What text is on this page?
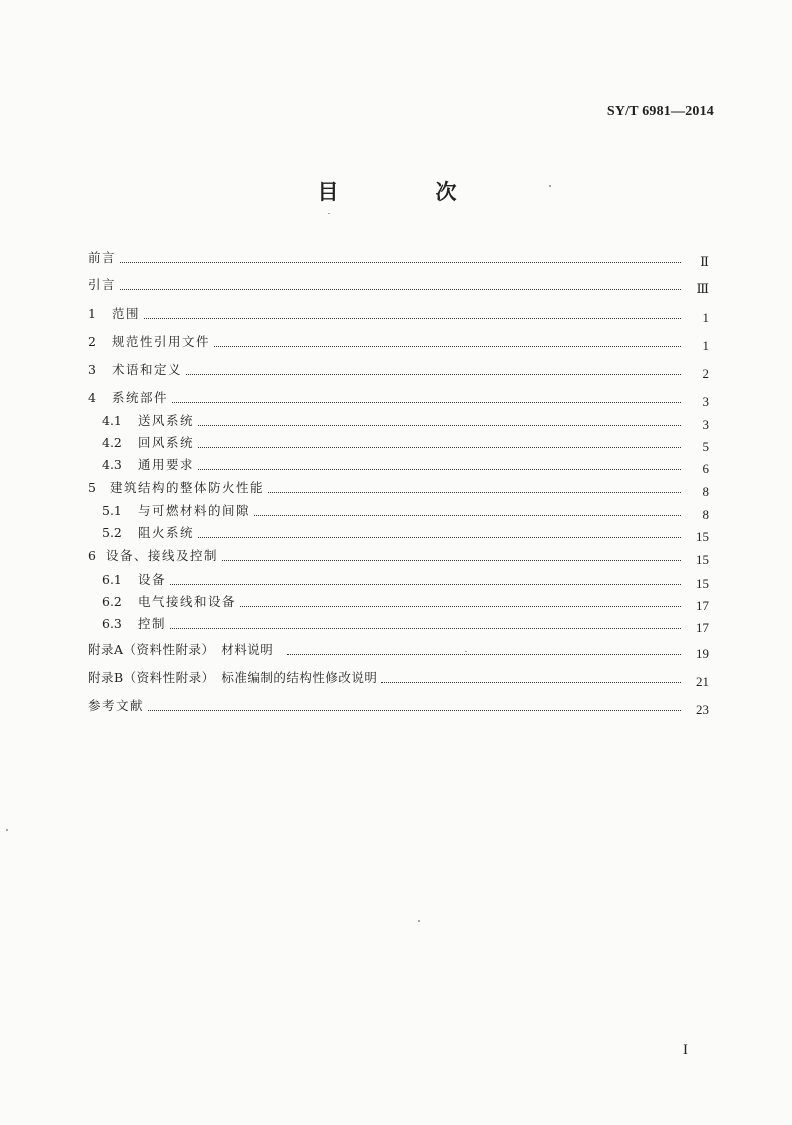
SY/T 6981—2014
目　次
前言	Ⅱ
引言	Ⅲ
1	范围	1
2	规范性引用文件	1
3	术语和定义	2
4	系统部件	3
4.1	送风系统	3
4.2	回风系统	5
4.3	通用要求	6
5	建筑结构的整体防火性能	8
5.1	与可燃材料的间隙	8
5.2	阻火系统	15
6 设备、接线及控制	15
6.1	设备	15
6.2	电气接线和设备	17
6.3	控制	17
附录A（资料性附录）　材料说明	19
附录B（资料性附录）　标准编制的结构性修改说明	21
参考文献	23
I
